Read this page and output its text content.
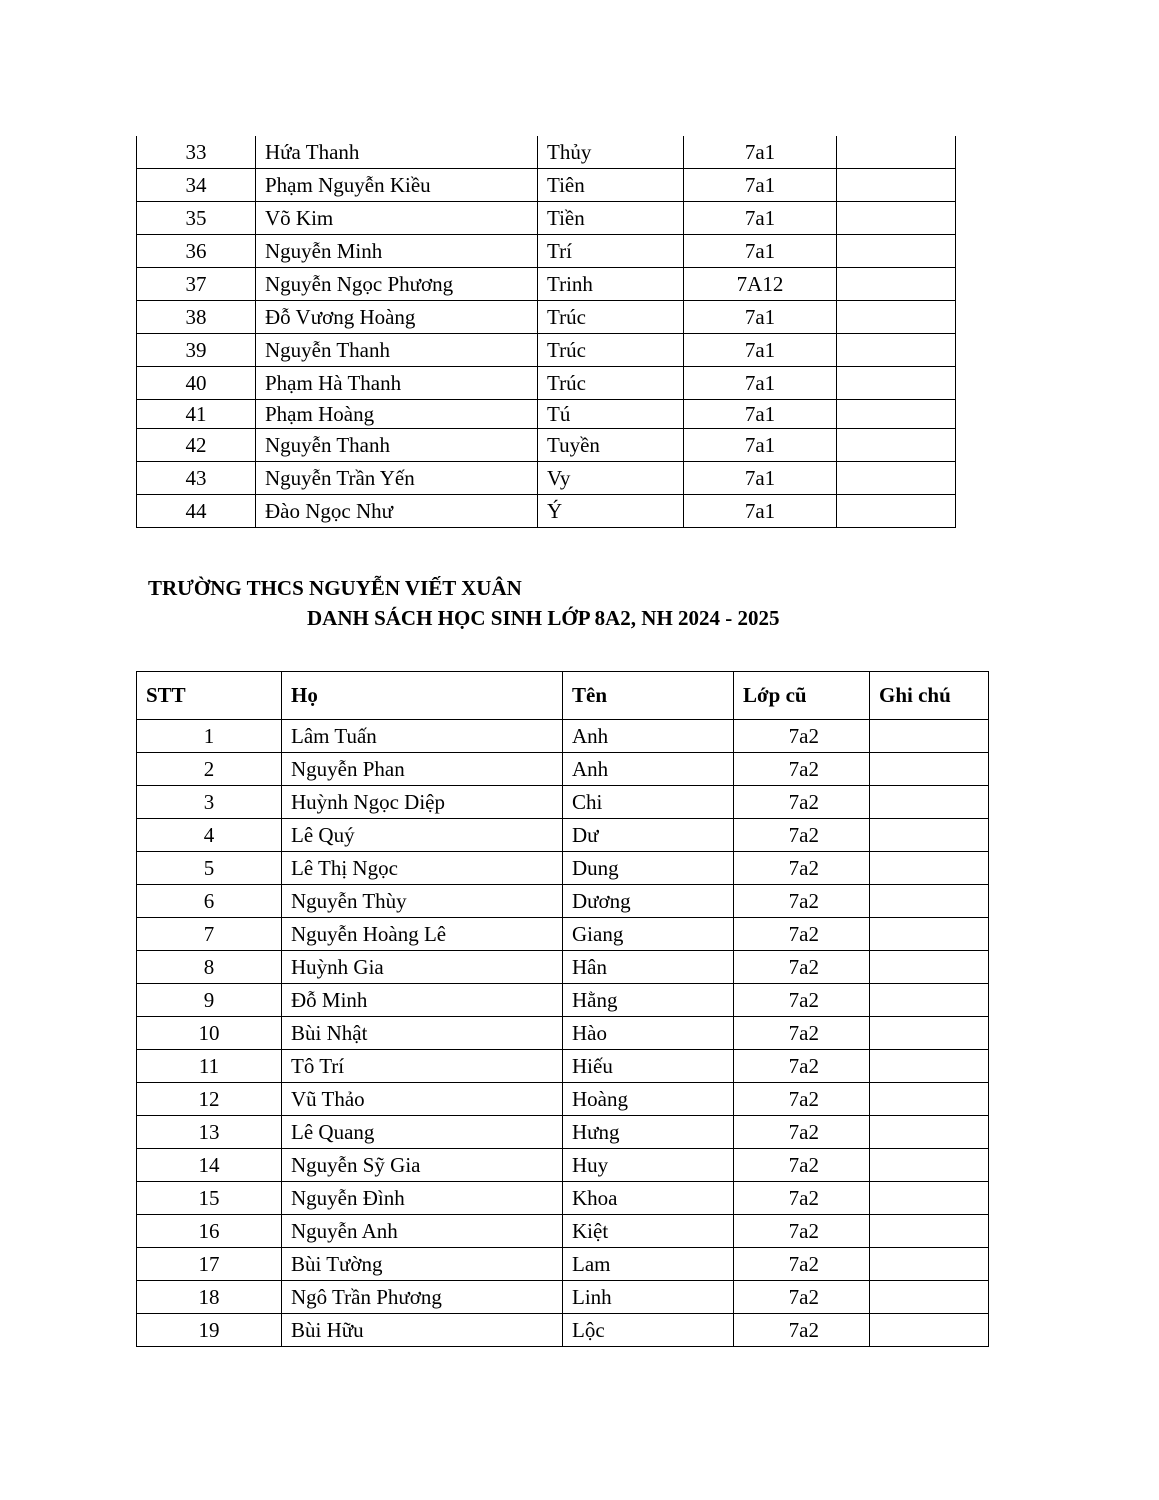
33	Hứa Thanh	Thủy	7a1	
34	Phạm Nguyễn Kiều	Tiên	7a1	
35	Võ Kim	Tiền	7a1	
36	Nguyễn Minh	Trí	7a1	
37	Nguyễn Ngọc Phương	Trinh	7A12	
38	Đỗ Vương Hoàng	Trúc	7a1	
39	Nguyễn Thanh	Trúc	7a1	
40	Phạm Hà Thanh	Trúc	7a1	
41	Phạm Hoàng	Tú	7a1	
42	Nguyễn Thanh	Tuyền	7a1	
43	Nguyễn Trần Yến	Vy	7a1	
44	Đào Ngọc Như	Ý	7a1	
TRƯỜNG THCS NGUYỄN VIẾT XUÂN
DANH SÁCH HỌC SINH LỚP 8A2, NH 2024 - 2025
STT	Họ	Tên	Lớp cũ	Ghi chú
1	Lâm Tuấn	Anh	7a2	
2	Nguyễn Phan	Anh	7a2	
3	Huỳnh Ngọc Diệp	Chi	7a2	
4	Lê Quý	Dư	7a2	
5	Lê Thị Ngọc	Dung	7a2	
6	Nguyễn Thùy	Dương	7a2	
7	Nguyễn Hoàng Lê	Giang	7a2	
8	Huỳnh Gia	Hân	7a2	
9	Đỗ Minh	Hằng	7a2	
10	Bùi Nhật	Hào	7a2	
11	Tô Trí	Hiếu	7a2	
12	Vũ Thảo	Hoàng	7a2	
13	Lê Quang	Hưng	7a2	
14	Nguyễn Sỹ Gia	Huy	7a2	
15	Nguyễn Đình	Khoa	7a2	
16	Nguyễn Anh	Kiệt	7a2	
17	Bùi Tường	Lam	7a2	
18	Ngô Trần Phương	Linh	7a2	
19	Bùi Hữu	Lộc	7a2	
